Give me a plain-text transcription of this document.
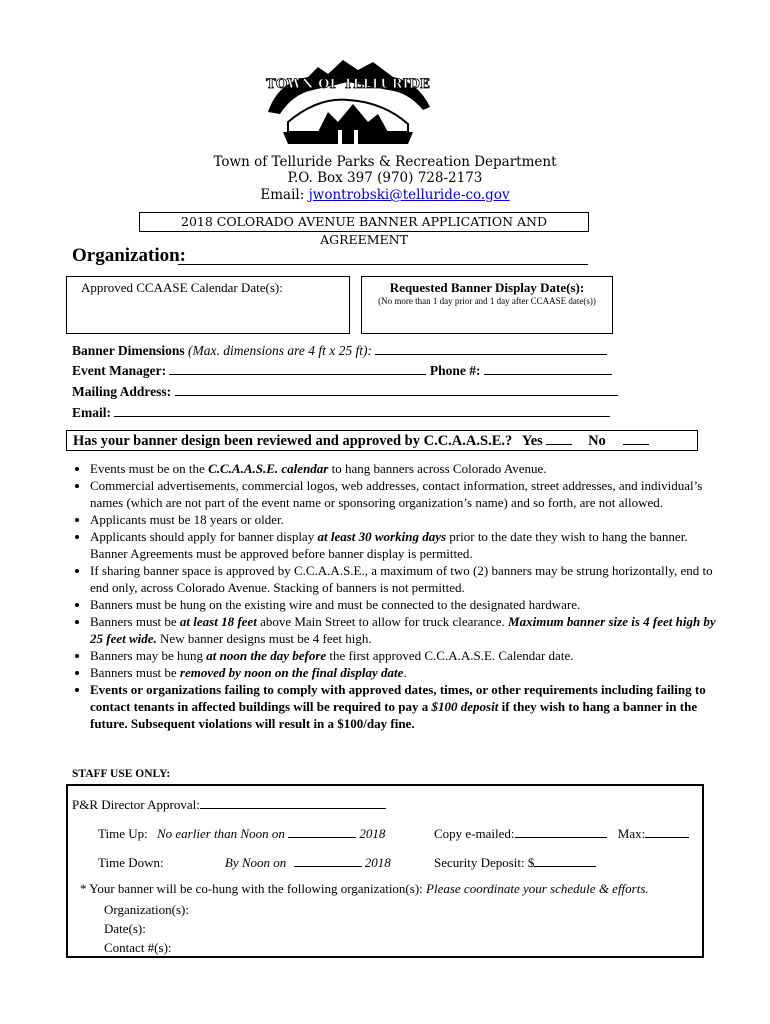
TOWN OF TELLURIDE
Town of Telluride Parks & Recreation Department
P.O. Box 397 (970) 728-2173
Email: jwontrobski@telluride-co.gov
2018 COLORADO AVENUE BANNER APPLICATION AND AGREEMENT
Organization:
Approved CCAASE Calendar Date(s):	Requested Banner Display Date(s):
(No more than 1 day prior and 1 day after CCAASE date(s))
Banner Dimensions (Max. dimensions are 4 ft x 25 ft):
Event Manager:	Phone #:
Mailing Address:
Email:
Has your banner design been reviewed and approved by C.C.A.A.S.E.? Yes	No
• Events must be on the C.C.A.A.S.E. calendar to hang banners across Colorado Avenue.
• Commercial advertisements, commercial logos, web addresses, contact information, street addresses, and individual’s names (which are not part of the event name or sponsoring organization’s name) and so forth, are not allowed.
• Applicants must be 18 years or older.
• Applicants should apply for banner display at least 30 working days prior to the date they wish to hang the banner. Banner Agreements must be approved before banner display is permitted.
• If sharing banner space is approved by C.C.A.A.S.E., a maximum of two (2) banners may be strung horizontally, end to end only, across Colorado Avenue. Stacking of banners is not permitted.
• Banners must be hung on the existing wire and must be connected to the designated hardware.
• Banners must be at least 18 feet above Main Street to allow for truck clearance. Maximum banner size is 4 feet high by 25 feet wide. New banner designs must be 4 feet high.
• Banners may be hung at noon the day before the first approved C.C.A.A.S.E. Calendar date.
• Banners must be removed by noon on the final display date.
• Events or organizations failing to comply with approved dates, times, or other requirements including failing to contact tenants in affected buildings will be required to pay a $100 deposit if they wish to hang a banner in the future. Subsequent violations will result in a $100/day fine.
STAFF USE ONLY:
P&R Director Approval:
Time Up: No earlier than Noon on	2018	Copy e-mailed:	Max:
Time Down:	By Noon on	2018	Security Deposit: $
* Your banner will be co-hung with the following organization(s): Please coordinate your schedule & efforts.
Organization(s):
Date(s):
Contact #(s):
